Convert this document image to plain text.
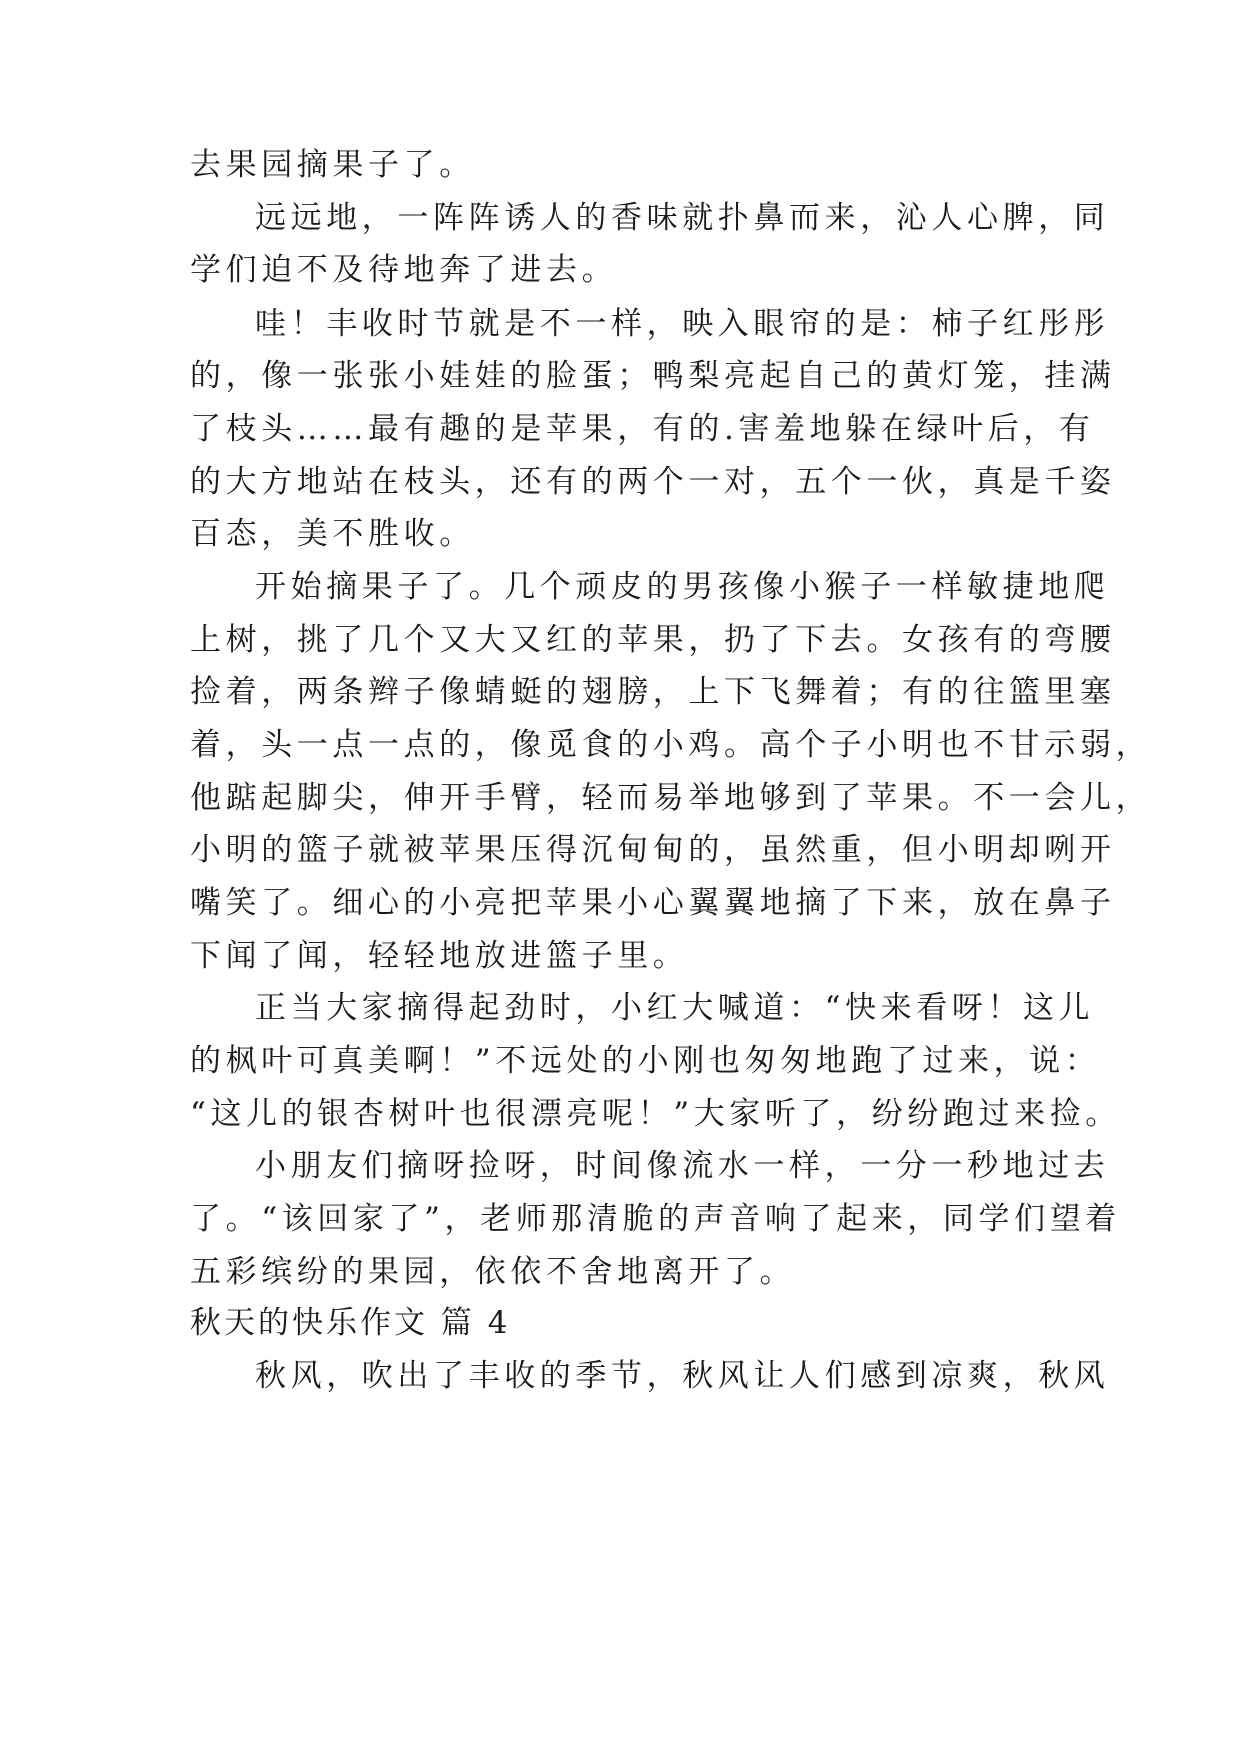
去果园摘果子了。

远远地，一阵阵诱人的香味就扑鼻而来，沁人心脾，同

学们迫不及待地奔了进去。

哇！丰收时节就是不一样，映入眼帘的是：柿子红彤彤

的，像一张张小娃娃的脸蛋；鸭梨亮起自己的黄灯笼，挂满

了枝头……最有趣的是苹果，有的.害羞地躲在绿叶后，有

的大方地站在枝头，还有的两个一对，五个一伙，真是千姿

百态，美不胜收。

开始摘果子了。几个顽皮的男孩像小猴子一样敏捷地爬

上树，挑了几个又大又红的苹果，扔了下去。女孩有的弯腰

捡着，两条辫子像蜻蜓的翅膀，上下飞舞着；有的往篮里塞

着，头一点一点的，像觅食的小鸡。高个子小明也不甘示弱，

他踮起脚尖，伸开手臂，轻而易举地够到了苹果。不一会儿，

小明的篮子就被苹果压得沉甸甸的，虽然重，但小明却咧开

嘴笑了。细心的小亮把苹果小心翼翼地摘了下来，放在鼻子

下闻了闻，轻轻地放进篮子里。

正当大家摘得起劲时，小红大喊道：“快来看呀！这儿

的枫叶可真美啊！”不远处的小刚也匆匆地跑了过来，说：

“这儿的银杏树叶也很漂亮呢！”大家听了，纷纷跑过来捡。

小朋友们摘呀捡呀，时间像流水一样，一分一秒地过去

了。“该回家了”，老师那清脆的声音响了起来，同学们望着

五彩缤纷的果园，依依不舍地离开了。

秋天的快乐作文 篇 4

秋风，吹出了丰收的季节，秋风让人们感到凉爽，秋风
